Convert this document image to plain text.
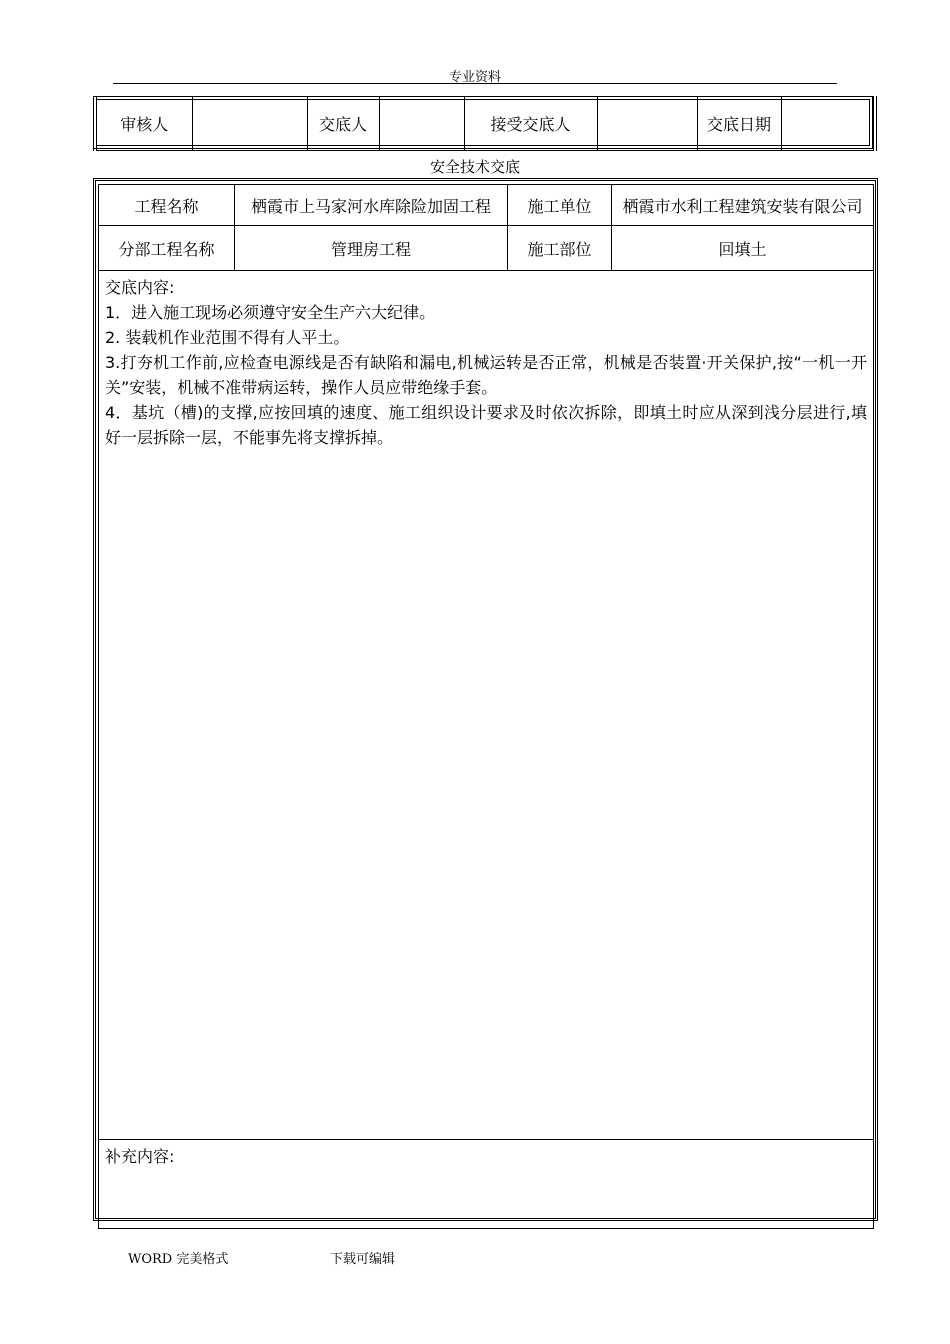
专业资料
审核人		交底人		接受交底人		交底日期	
安全技术交底
工程名称	栖霞市上马家河水库除险加固工程	施工单位	栖霞市水利工程建筑安装有限公司
分部工程名称	管理房工程	施工部位	回填土

交底内容:
1．进入施工现场必须遵守安全生产六大纪律。
2. 装载机作业范围不得有人平土。
3.打夯机工作前,应检查电源线是否有缺陷和漏电,机械运转是否正常，机械是否装置·开关保护,按“一机一开关”安装，机械不准带病运转，操作人员应带绝缘手套。
4．基坑（槽)的支撑,应按回填的速度、施工组织设计要求及时依次拆除，即填土时应从深到浅分层进行,填好一层拆除一层，不能事先将支撑拆掉。			

补充内容:			
WORD 完美格式	下载可编辑
